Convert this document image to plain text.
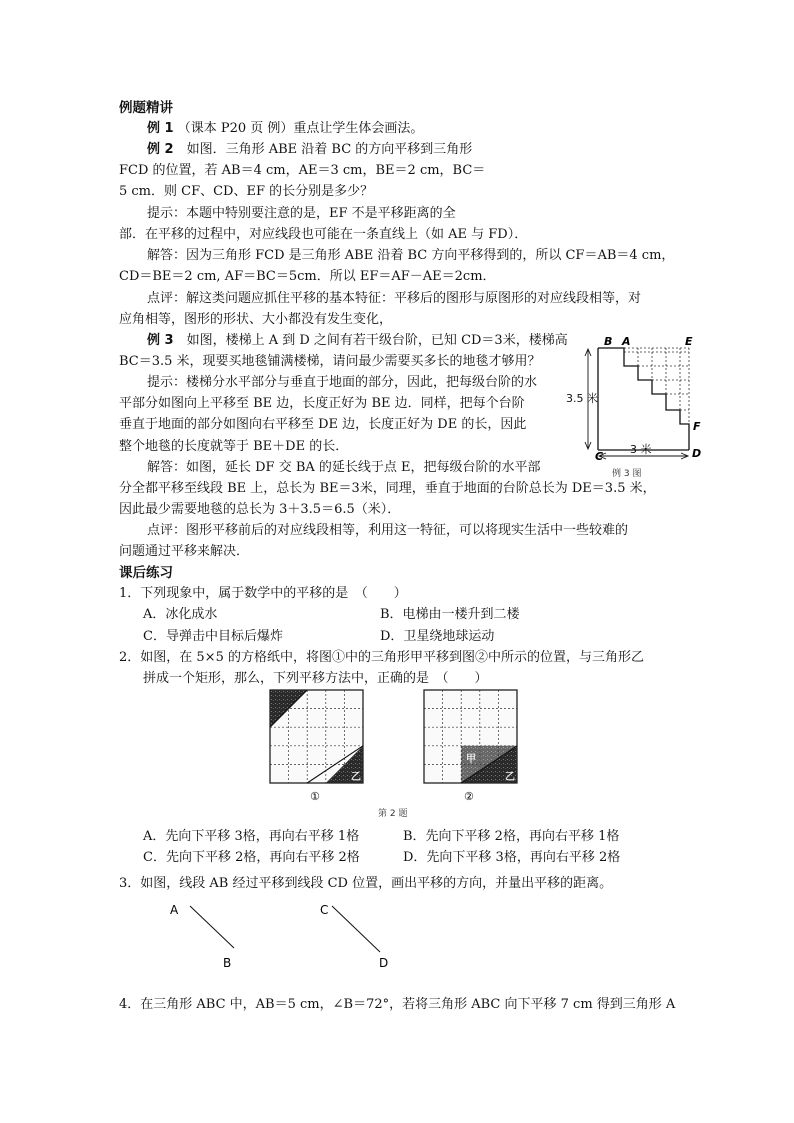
例题精讲
例 1 （课本 P20 页 例）重点让学生体会画法。
例 2　 如图．三角形 ABE 沿着 BC 的方向平移到三角形
FCD 的位置，若 AB＝4 cm，AE＝3 cm，BE＝2 cm，BC＝
5 cm．则 CF、CD、EF 的长分别是多少？
提示：本题中特别要注意的是，EF 不是平移距离的全
部．在平移的过程中，对应线段也可能在一条直线上（如 AE 与 FD）．
解答：因为三角形 FCD 是三角形 ABE 沿着 BC 方向平移得到的，所以 CF＝AB＝4 cm，
CD＝BE＝2 cm, AF＝BC＝5cm．所以 EF＝AF－AE＝2cm．
点评：解这类问题应抓住平移的基本特征：平移后的图形与原图形的对应线段相等，对
应角相等，图形的形状、大小都没有发生变化，
例 3　 如图，楼梯上 A 到 D 之间有若干级台阶，已知 CD＝3米，楼梯高
BC＝3.5 米，现要买地毯铺满楼梯，请问最少需要买多长的地毯才够用？
提示：楼梯分水平部分与垂直于地面的部分，因此，把每级台阶的水
平部分如图向上平移至 BE 边，长度正好为 BE 边．同样，把每个台阶
垂直于地面的部分如图向右平移至 DE 边，长度正好为 DE 的长，因此
整个地毯的长度就等于 BE＋DE 的长．
解答：如图，延长 DF 交 BA 的延长线于点 E，把每级台阶的水平部
分全都平移至线段 BE 上，总长为 BE＝3米，同理，垂直于地面的台阶总长为 DE＝3.5 米，
因此最少需要地毯的总长为 3＋3.5＝6.5（米）．
点评：图形平移前后的对应线段相等，利用这一特征，可以将现实生活中一些较难的
问题通过平移来解决．
B A	E
F
C	D
3.5 米
3 米
例 3 图
课后练习
1．下列现象中，属于数学中的平移的是　（　　）
A．冰化成水	B．电梯由一楼升到二楼
C．导弹击中目标后爆炸	D．卫星绕地球运动
2．如图，在 5×5 的方格纸中，将图①中的三角形甲平移到图②中所示的位置，与三角形乙
拼成一个矩形，那么，下列平移方法中，正确的是　（　　）
乙
甲
乙
①	②
第 2 题
A．先向下平移 3格，再向右平移 1格	B．先向下平移 2格，再向右平移 1格
C．先向下平移 2格，再向右平移 2格	D．先向下平移 3格，再向右平移 2格
3．如图，线段 AB 经过平移到线段 CD 位置，画出平移的方向，并量出平移的距离。
A
B
C
D
4．在三角形 ABC 中，AB＝5 cm，∠B＝72°，若将三角形 ABC 向下平移 7 cm 得到三角形 A
